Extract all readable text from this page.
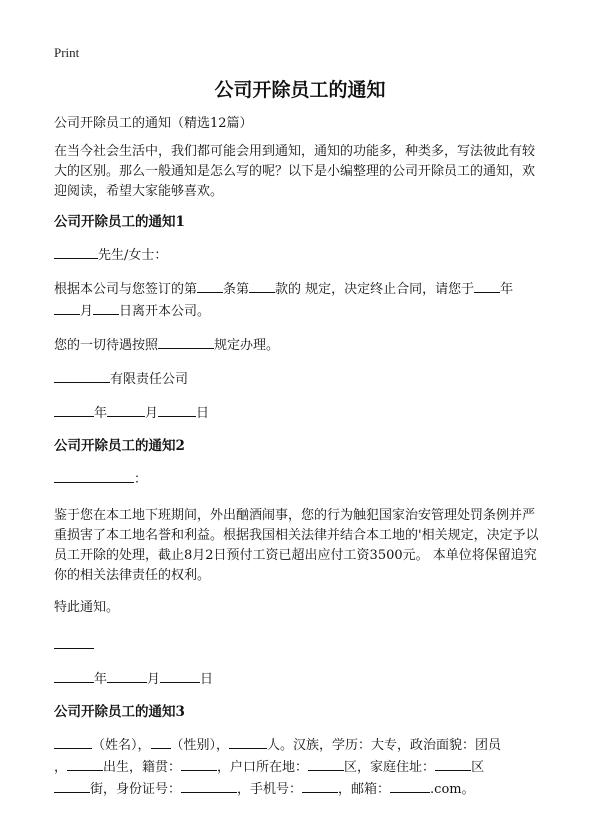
Print
公司开除员工的通知

公司开除员工的通知（精选12篇）

在当今社会生活中，我们都可能会用到通知，通知的功能多，种类多，写法彼此有较大的区别。那么一般通知是怎么写的呢？以下是小编整理的公司开除员工的通知，欢迎阅读，希望大家能够喜欢。

公司开除员工的通知1

先生/女士：

根据本公司与您签订的第 条第 款的 规定，决定终止合同，请您于 年
月 日离开本公司。

您的一切待遇按照	规定办理。

有限责任公司

年	月	日

公司开除员工的通知2

：

鉴于您在本工地下班期间，外出酗酒闹事，您的行为触犯国家治安管理处罚条例并严重损害了本工地名誉和利益。根据我国相关法律并结合本工地的'相关规定，决定予以员工开除的处理，截止8月2日预付工资已超出应付工资3500元。 本单位将保留追究你的相关法律责任的权利。

特此通知。

年	月	日

公司开除员工的通知3

（姓名）， （性别），	人。汉族，学历：大专，政治面貌：团员
，	出生，籍贯：	，户口所在地：	区，家庭住址：	区
街，身份证号：	，手机号：	，邮箱：	.com。
